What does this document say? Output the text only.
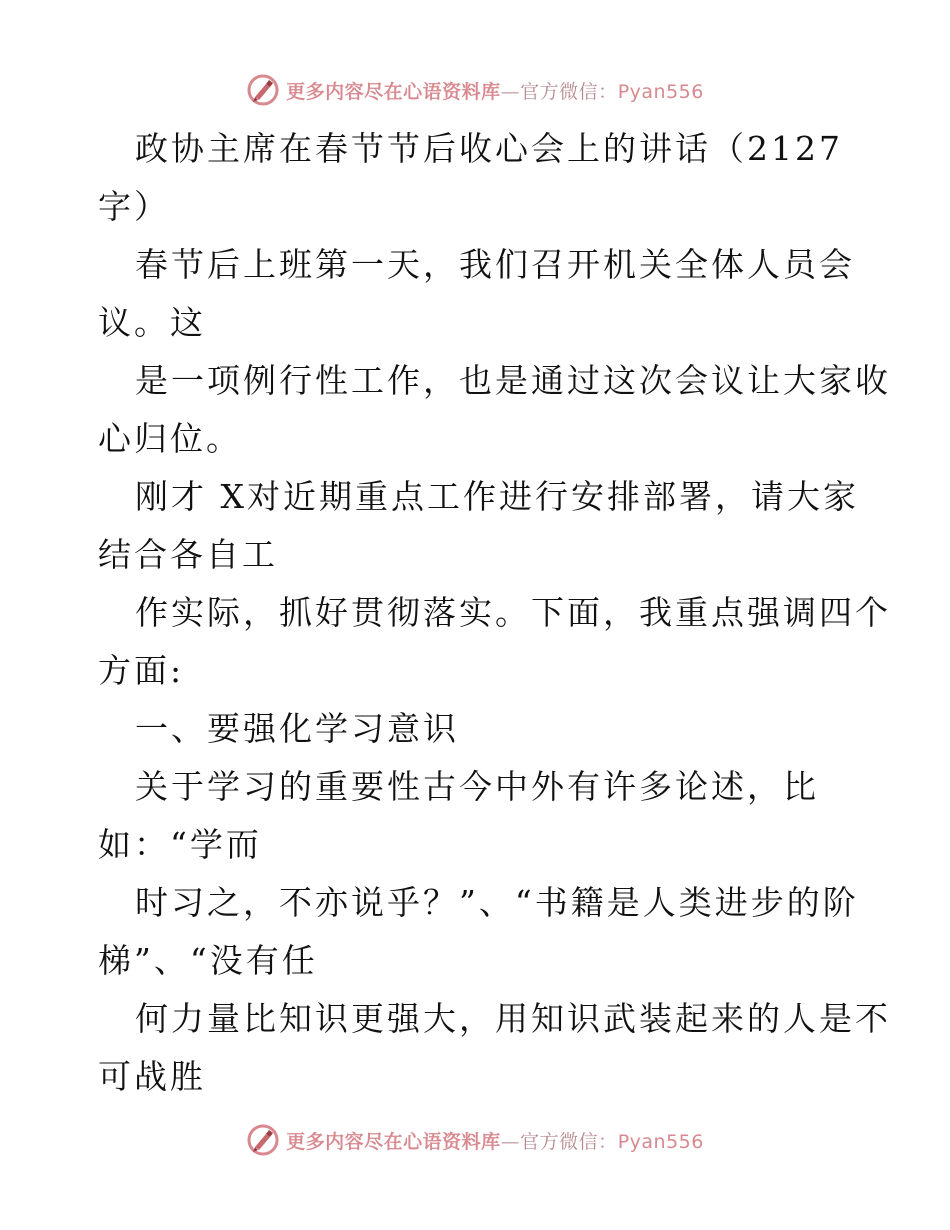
更多内容尽在心语资料库—官方微信：Pyan556
政协主席在春节节后收心会上的讲话（2127
字）
春节后上班第一天，我们召开机关全体人员会
议。这
是一项例行性工作，也是通过这次会议让大家收
心归位。
刚才 X对近期重点工作进行安排部署，请大家
结合各自工
作实际，抓好贯彻落实。下面，我重点强调四个
方面:
一、要强化学习意识
关于学习的重要性古今中外有许多论述，比
如：“学而
时习之，不亦说乎？”、“书籍是人类进步的阶
梯”、“没有任
何力量比知识更强大，用知识武装起来的人是不
可战胜
更多内容尽在心语资料库—官方微信：Pyan556
